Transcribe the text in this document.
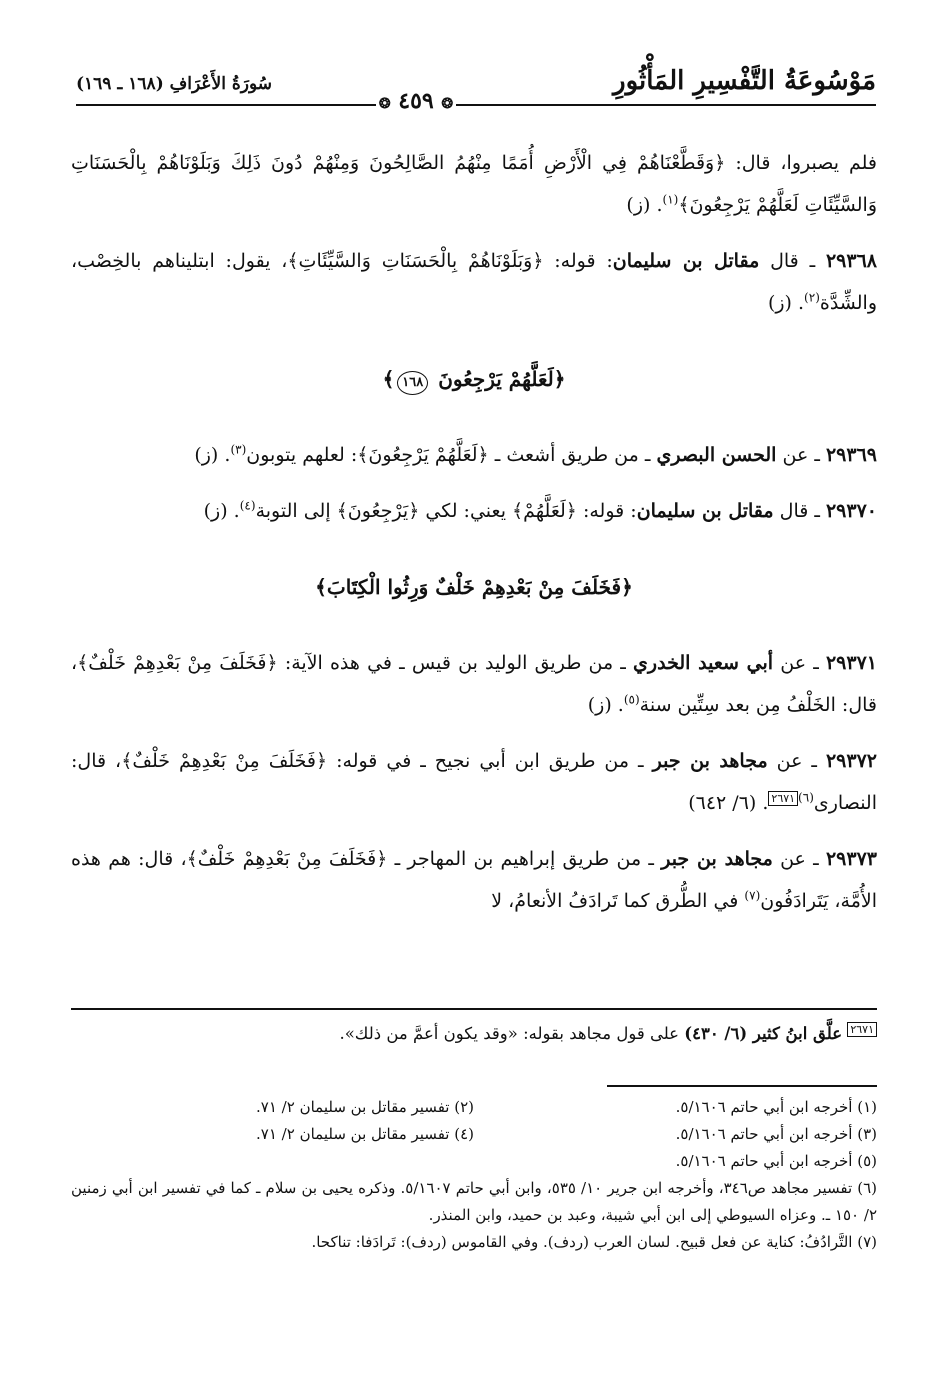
مَوْسُوعَةُ التَّفْسِيرِ المَأْثُورِ
❂ ٤٥٩ ❂
سُورَةُ الأَعْرَافِ (١٦٨ ـ ١٦٩)

فلم يصبروا، قال: ﴿وَقَطَّعْنَاهُمْ فِي الْأَرْضِ أُمَمًا مِنْهُمُ الصَّالِحُونَ وَمِنْهُمْ دُونَ ذَلِكَ وَبَلَوْنَاهُمْ بِالْحَسَنَاتِ وَالسَّيِّئَاتِ لَعَلَّهُمْ يَرْجِعُونَ﴾$^{(١)}$. (ز)

٢٩٣٦٨ ـ قال مقاتل بن سليمان: قوله: ﴿وَبَلَوْنَاهُمْ بِالْحَسَنَاتِ وَالسَّيِّئَاتِ﴾، يقول: ابتليناهم بالخِصْب، والشِّدَّة$^{(٢)}$. (ز)

﴿لَعَلَّهُمْ يَرْجِعُونَ ١٦٨﴾

٢٩٣٦٩ ـ عن الحسن البصري ـ من طريق أشعث ـ ﴿لَعَلَّهُمْ يَرْجِعُونَ﴾: لعلهم يتوبون$^{(٣)}$. (ز)

٢٩٣٧٠ ـ قال مقاتل بن سليمان: قوله: ﴿لَعَلَّهُمْ﴾ يعني: لكي ﴿يَرْجِعُونَ﴾ إلى التوبة$^{(٤)}$. (ز)

﴿فَخَلَفَ مِنْ بَعْدِهِمْ خَلْفٌ وَرِثُوا الْكِتَابَ﴾

٢٩٣٧١ ـ عن أبي سعيد الخدري ـ من طريق الوليد بن قيس ـ في هذه الآية: ﴿فَخَلَفَ مِنْ بَعْدِهِمْ خَلْفٌ﴾، قال: الخَلْفُ مِن بعد سِتِّين سنة$^{(٥)}$. (ز)

٢٩٣٧٢ ـ عن مجاهد بن جبر ـ من طريق ابن أبي نجيح ـ في قوله: ﴿فَخَلَفَ مِنْ بَعْدِهِمْ خَلْفٌ﴾، قال: النصارى$^{(٦)}$٢٦٧١. (٦/ ٦٤٢)

٢٩٣٧٣ ـ عن مجاهد بن جبر ـ من طريق إبراهيم بن المهاجر ـ ﴿فَخَلَفَ مِنْ بَعْدِهِمْ خَلْفٌ﴾، قال: هم هذه الأُمَّة، يَتَرادَفُون$^{(٧)}$ في الطُّرق كما تَرادَفُ الأنعامُ، لا

٢٦٧١ علَّق ابنُ كثير (٦/ ٤٣٠) على قول مجاهد بقوله: «وقد يكون أعمَّ من ذلك».
(١) أخرجه ابن أبي حاتم ٥/١٦٠٦.
(٢) تفسير مقاتل بن سليمان ٢/ ٧١.
(٣) أخرجه ابن أبي حاتم ٥/١٦٠٦.
(٤) تفسير مقاتل بن سليمان ٢/ ٧١.
(٥) أخرجه ابن أبي حاتم ٥/١٦٠٦.

(٦) تفسير مجاهد ص٣٤٦، وأخرجه ابن جرير ١٠/ ٥٣٥، وابن أبي حاتم ٥/١٦٠٧. وذكره يحيى بن سلام ـ كما في تفسير ابن أبي زمنين ٢/ ١٥٠ ـ. وعزاه السيوطي إلى ابن أبي شيبة، وعبد بن حميد، وابن المنذر.

(٧) التَّرادُفُ: كناية عن فعل قبيح. لسان العرب (ردف). وفي القاموس (ردف): تَرادَفا: تناكحا.
